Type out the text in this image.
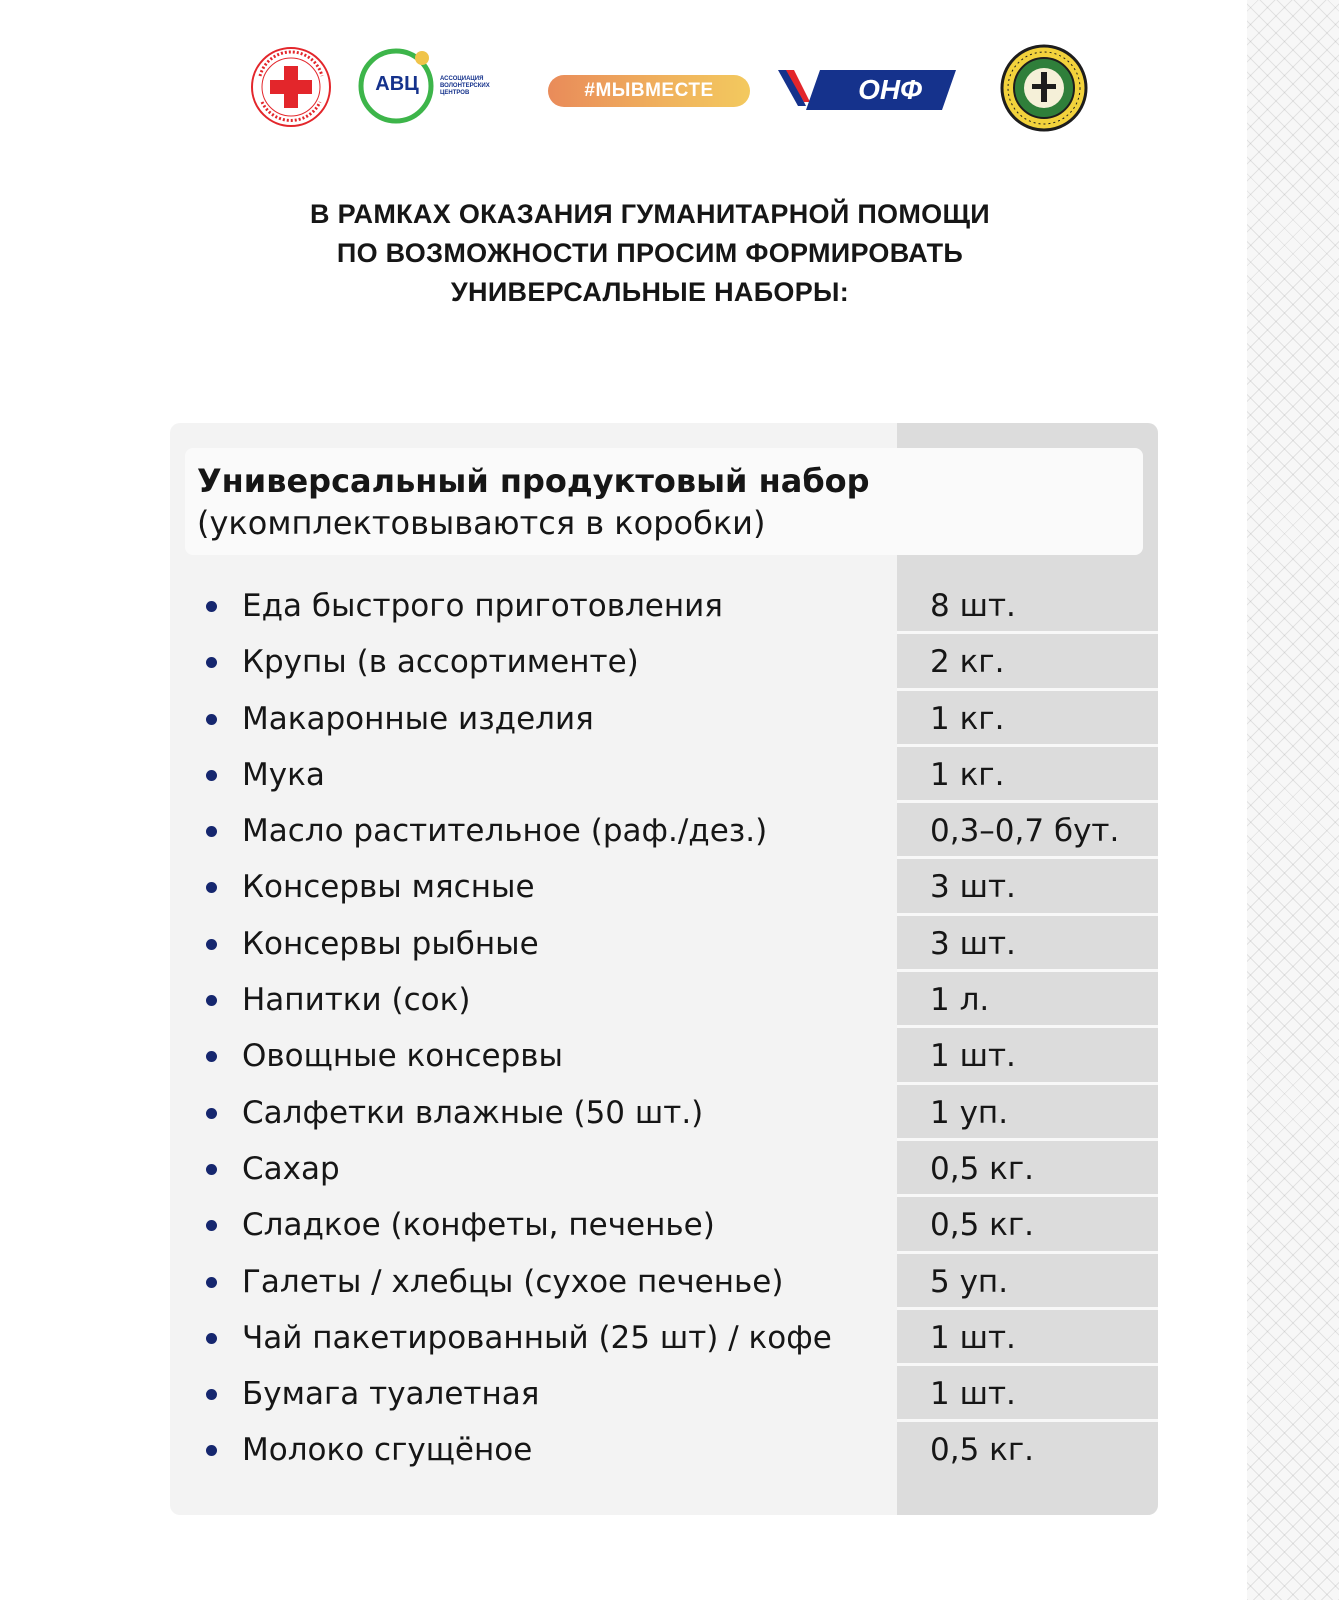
АВЦ	АССОЦИАЦИЯ ВОЛОНТЕРСКИХ ЦЕНТРОВ	#МЫВМЕСТЕ	ОНФ
В РАМКАХ ОКАЗАНИЯ ГУМАНИТАРНОЙ ПОМОЩИ
ПО ВОЗМОЖНОСТИ ПРОСИМ ФОРМИРОВАТЬ
УНИВЕРСАЛЬНЫЕ НАБОРЫ:
Универсальный продуктовый набор
(укомплектовываются в коробки)
Еда быстрого приготовления	8 шт.
Крупы (в ассортименте)	2 кг.
Макаронные изделия	1 кг.
Мука	1 кг.
Масло растительное (раф./дез.)	0,3–0,7 бут.
Консервы мясные	3 шт.
Консервы рыбные	3 шт.
Напитки (сок)	1 л.
Овощные консервы	1 шт.
Салфетки влажные (50 шт.)	1 уп.
Сахар	0,5 кг.
Сладкое (конфеты, печенье)	0,5 кг.
Галеты / хлебцы (сухое печенье)	5 уп.
Чай пакетированный (25 шт) / кофе	1 шт.
Бумага туалетная	1 шт.
Молоко сгущёное	0,5 кг.
